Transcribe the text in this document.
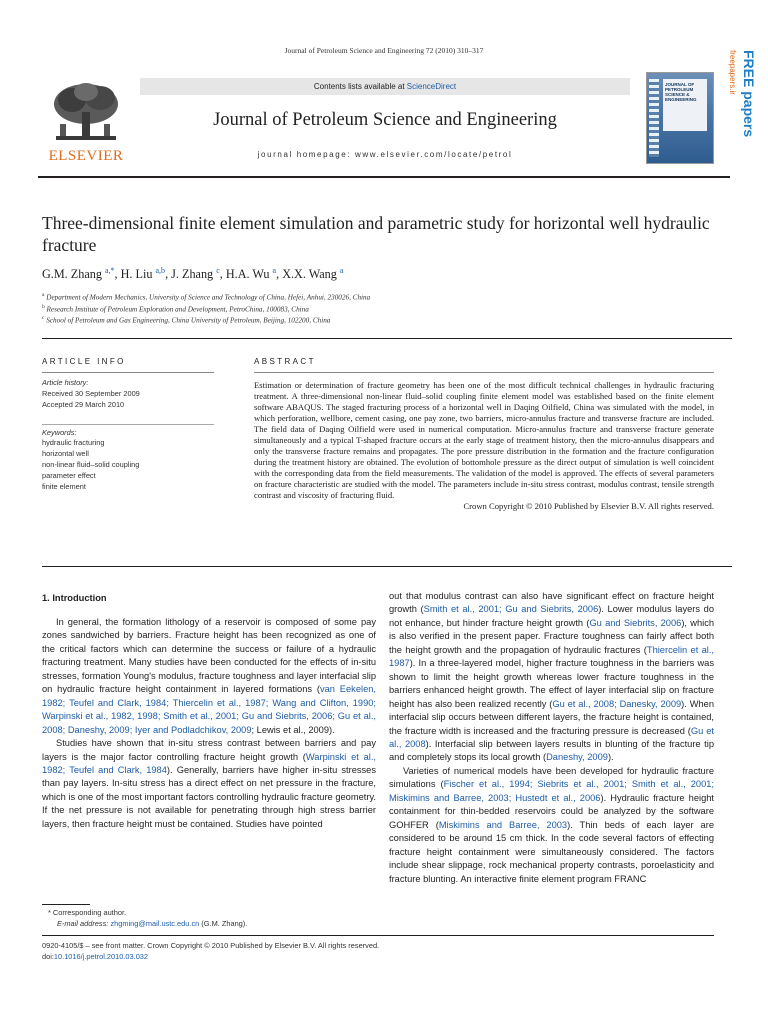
Journal of Petroleum Science and Engineering 72 (2010) 310–317
ELSEVIER
Contents lists available at ScienceDirect
Journal of Petroleum Science and Engineering
journal homepage: www.elsevier.com/locate/petrol
JOURNAL OF
PETROLEUM
SCIENCE &
ENGINEERING	FREE papers
freepapers.ir
Three-dimensional finite element simulation and parametric study for horizontal well hydraulic fracture
G.M. Zhang $^{a,*}$, H. Liu $^{a,b}$, J. Zhang $^c$, H.A. Wu $^a$, X.X. Wang $^a$
$^a$ Department of Modern Mechanics, University of Science and Technology of China, Hefei, Anhui, 230026, China
$^b$ Research Institute of Petroleum Exploration and Development, PetroChina, 100083, China
$^c$ School of Petroleum and Gas Engineering, China University of Petroleum, Beijing, 102200, China
ARTICLE INFO
Article history:
Received 30 September 2009
Accepted 29 March 2010
Keywords:
hydraulic fracturing
horizontal well
non-linear fluid–solid coupling
parameter effect
finite element
ABSTRACT
Estimation or determination of fracture geometry has been one of the most difficult technical challenges in hydraulic fracturing treatment. A three-dimensional non-linear fluid–solid coupling finite element model was established based on the finite element software ABAQUS. The staged fracturing process of a horizontal well in Daqing Oilfield, China was simulated with the model, in which perforation, wellbore, cement casing, one pay zone, two barriers, micro-annulus fracture and transverse fracture are included. The field data of Daqing Oilfield were used in numerical computation. Micro-annulus fracture and transverse fracture generate simultaneously and a typical T-shaped fracture occurs at the early stage of treatment history, then the micro-annulus disappears and only the transverse fracture remains and propagates. The pore pressure distribution in the formation and the fracture configuration during the treatment history are obtained. The evolution of bottomhole pressure as the direct output of simulation is well coincident with the corresponding data from the field measurements. The validation of the model is approved. The effects of several parameters on fracture characteristic are studied with the model. The parameters include in-situ stress contrast, modulus contrast, tensile strength contrast and viscosity of fracturing fluid.
Crown Copyright © 2010 Published by Elsevier B.V. All rights reserved.
1. Introduction

In general, the formation lithology of a reservoir is composed of some pay zones sandwiched by barriers. Fracture height has been recognized as one of the critical factors which can determine the success or failure of a hydraulic fracturing treatment. Many studies have been conducted for the effects of in-situ stresses, formation Young's modulus, fracture toughness and layer interfacial slip on hydraulic fracture height containment in layered formations (van Eekelen, 1982; Teufel and Clark, 1984; Thiercelin et al., 1987; Wang and Clifton, 1990; Warpinski et al., 1982, 1998; Smith et al., 2001; Gu and Siebrits, 2006; Gu et al., 2008; Daneshy, 2009; Iyer and Podladchikov, 2009; Lewis et al., 2009).

Studies have shown that in-situ stress contrast between barriers and pay layers is the major factor controlling fracture height growth (Warpinski et al., 1982; Teufel and Clark, 1984). Generally, barriers have higher in-situ stresses than pay layers. In-situ stress has a direct effect on net pressure in the fracture, which is one of the most important factors controlling hydraulic fracture geometry. If the net pressure is not available for penetrating through high stress barrier layers, then fracture height must be contained. Studies have pointed

out that modulus contrast can also have significant effect on fracture height growth (Smith et al., 2001; Gu and Siebrits, 2006). Lower modulus layers do not enhance, but hinder fracture height growth (Gu and Siebrits, 2006), which is also verified in the present paper. Fracture toughness can fairly affect both the height growth and the propagation of hydraulic fractures (Thiercelin et al., 1987). In a three-layered model, higher fracture toughness in the barriers was shown to limit the height growth whereas lower fracture toughness in the barriers enhanced height growth. The effect of layer interfacial slip on fracture height has also been realized recently (Gu et al., 2008; Danesky, 2009). When interfacial slip occurs between different layers, the fracture height is contained, the fracture width is increased and the fracturing pressure is decreased (Gu et al., 2008). Interfacial slip between layers results in blunting of the fracture tip and completely stops its local growth (Daneshy, 2009).

Varieties of numerical models have been developed for hydraulic fracture simulations (Fischer et al., 1994; Siebrits et al., 2001; Smith et al., 2001; Miskimins and Barree, 2003; Hustedt et al., 2006). Hydraulic fracture height containment for thin-bedded reservoirs could be analyzed by the software GOHFER (Miskimins and Barree, 2003). Thin beds of each layer are considered to be around 15 cm thick. In the code several factors of effecting fracture height containment were simultaneously considered. The factors include shear slippage, rock mechanical property contrasts, poroelasticity and fracture blunting. An interactive finite element program FRANC

* Corresponding author.
E-mail address: zhgming@mail.ustc.edu.cn (G.M. Zhang).
0920-4105/$ – see front matter. Crown Copyright © 2010 Published by Elsevier B.V. All rights reserved.
doi:10.1016/j.petrol.2010.03.032
